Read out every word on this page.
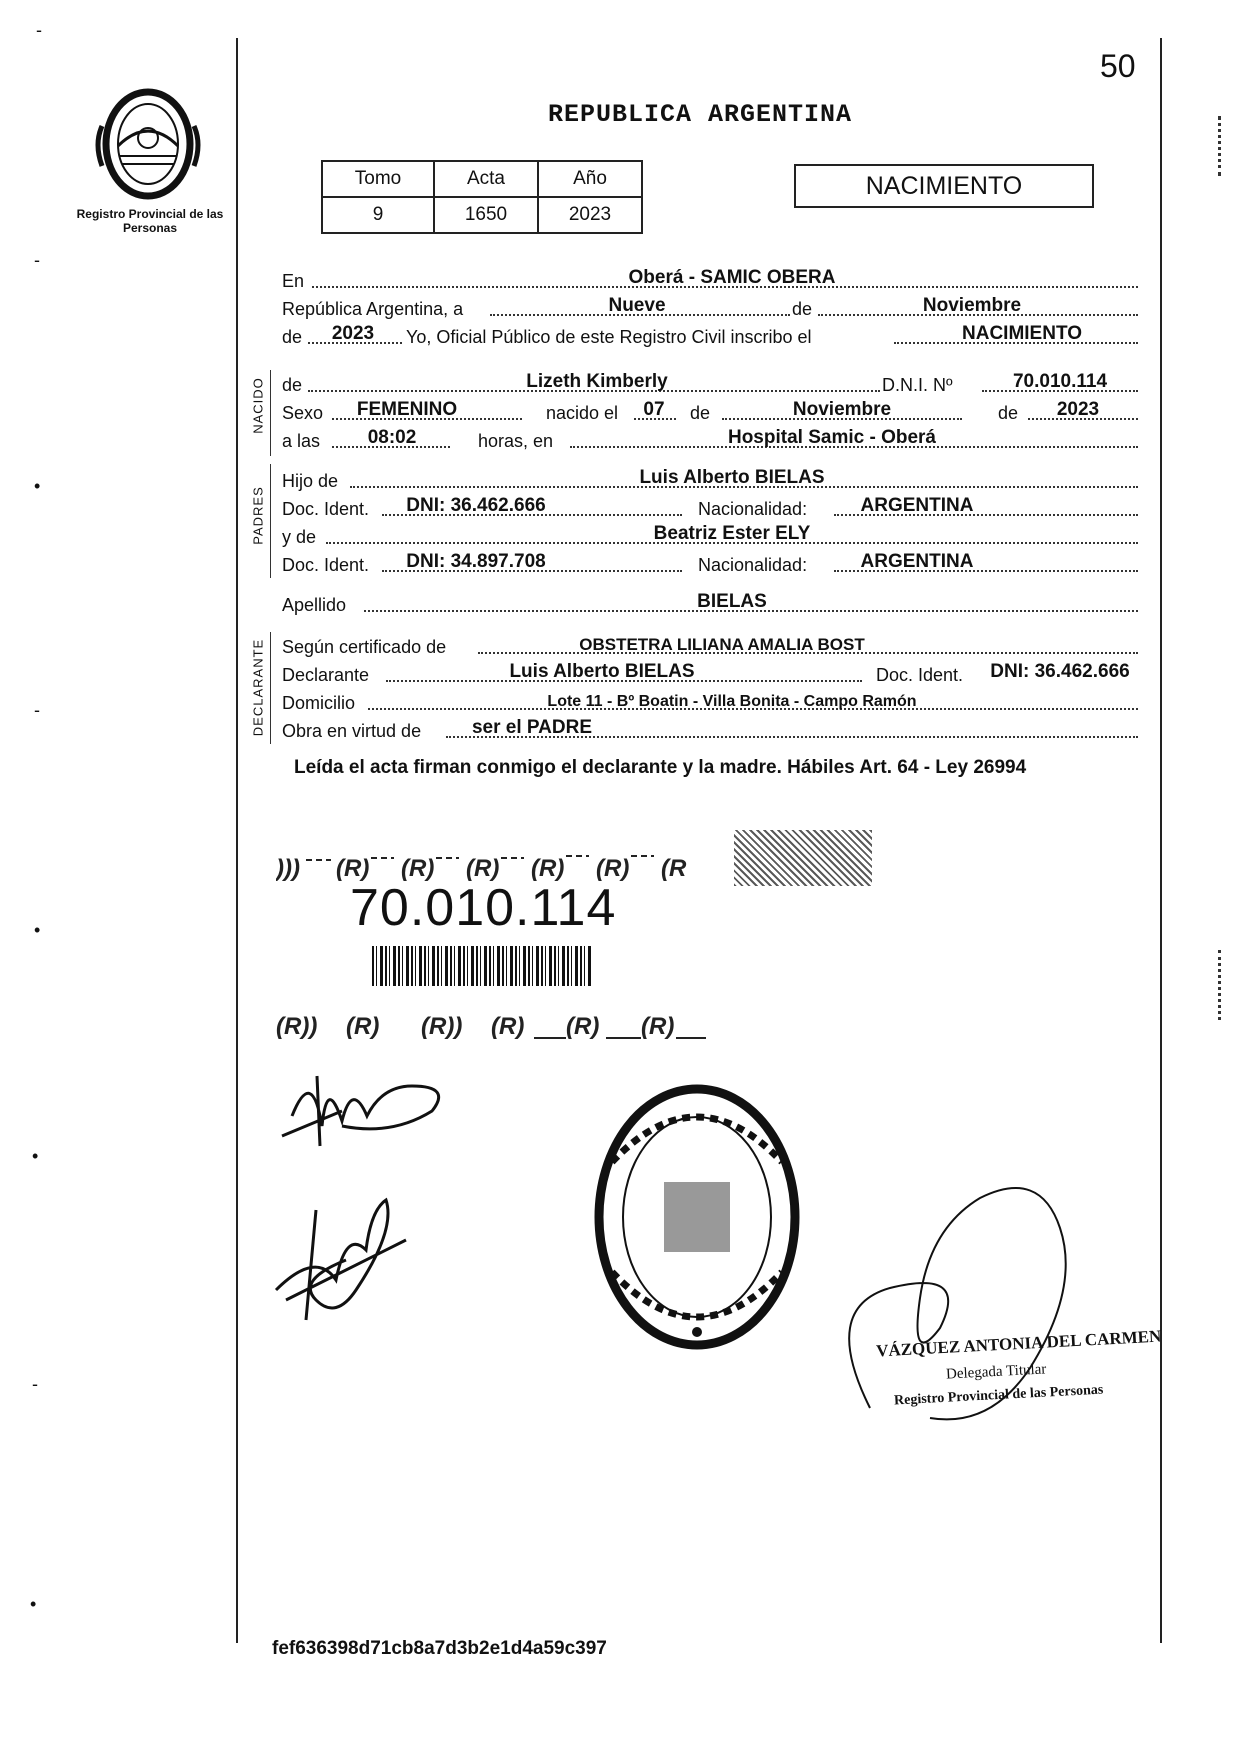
50
Registro Provincial de las Personas
REPUBLICA ARGENTINA
Tomo	Acta	Año
9	1650	2023
NACIMIENTO
En	Oberá - SAMIC OBERA
República Argentina, a	Nueve	de	Noviembre
de	2023	Yo, Oficial Público de este Registro Civil inscribo el	NACIMIENTO
NACIDO de	Lizeth Kimberly	D.N.I. Nº	70.010.114
Sexo	FEMENINO	nacido el	07	de	Noviembre	de	2023
a las	08:02	horas, en	Hospital Samic - Oberá
PADRES
Hijo de	Luis Alberto BIELAS
Doc. Ident.	DNI: 36.462.666	Nacionalidad:	ARGENTINA
y de	Beatriz Ester ELY
Doc. Ident.	DNI: 34.897.708	Nacionalidad:	ARGENTINA
Apellido	BIELAS
DECLARANTE Según certificado de	OBSTETRA LILIANA AMALIA BOST
Declarante	Luis Alberto BIELAS	Doc. Ident.	DNI: 36.462.666
Domicilio	Lote 11 - Bº Boatin - Villa Bonita - Campo Ramón
Obra en virtud de	ser el PADRE
Leída el acta firman conmigo el declarante y la madre. Hábiles Art. 64 - Ley 26994
))) (R) (R) (R) (R) (R) (R
70.010.114
(R)) (R) (R)) (R) (R) (R)
VÁZQUEZ ANTONIA DEL CARMEN
Delegada Titular
Registro Provincial de las Personas
-
-
•
-
•
•
-
•
fef636398d71cb8a7d3b2e1d4a59c397
